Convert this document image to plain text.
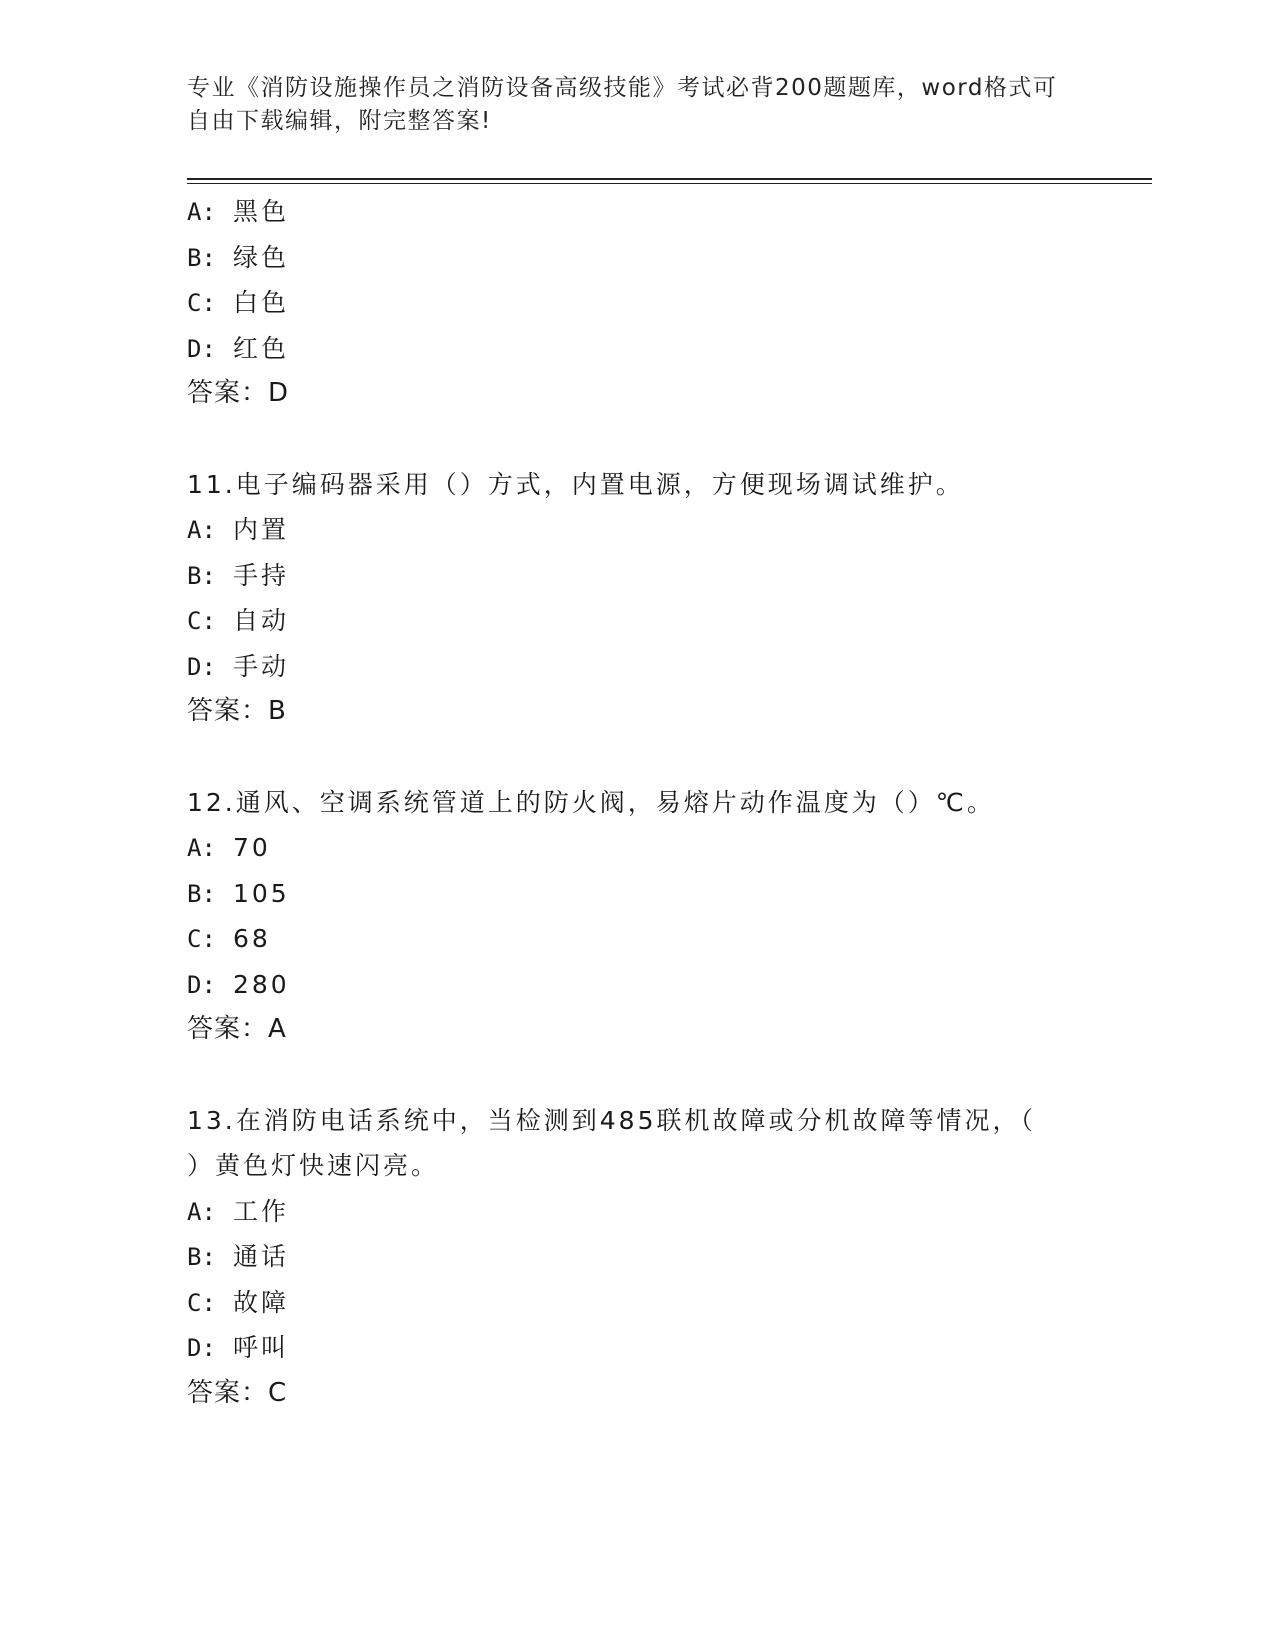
专业《消防设施操作员之消防设备高级技能》考试必背200题题库，word格式可
自由下载编辑，附完整答案!
A: 黑色
B: 绿色
C: 白色
D: 红色
答案：D
11.电子编码器采用（）方式，内置电源，方便现场调试维护。
A: 内置
B: 手持
C: 自动
D: 手动
答案：B
12.通风、空调系统管道上的防火阀，易熔片动作温度为（）℃。
A: 70
B: 105
C: 68
D: 280
答案：A
13.在消防电话系统中，当检测到485联机故障或分机故障等情况，（
）黄色灯快速闪亮。
A: 工作
B: 通话
C: 故障
D: 呼叫
答案：C
